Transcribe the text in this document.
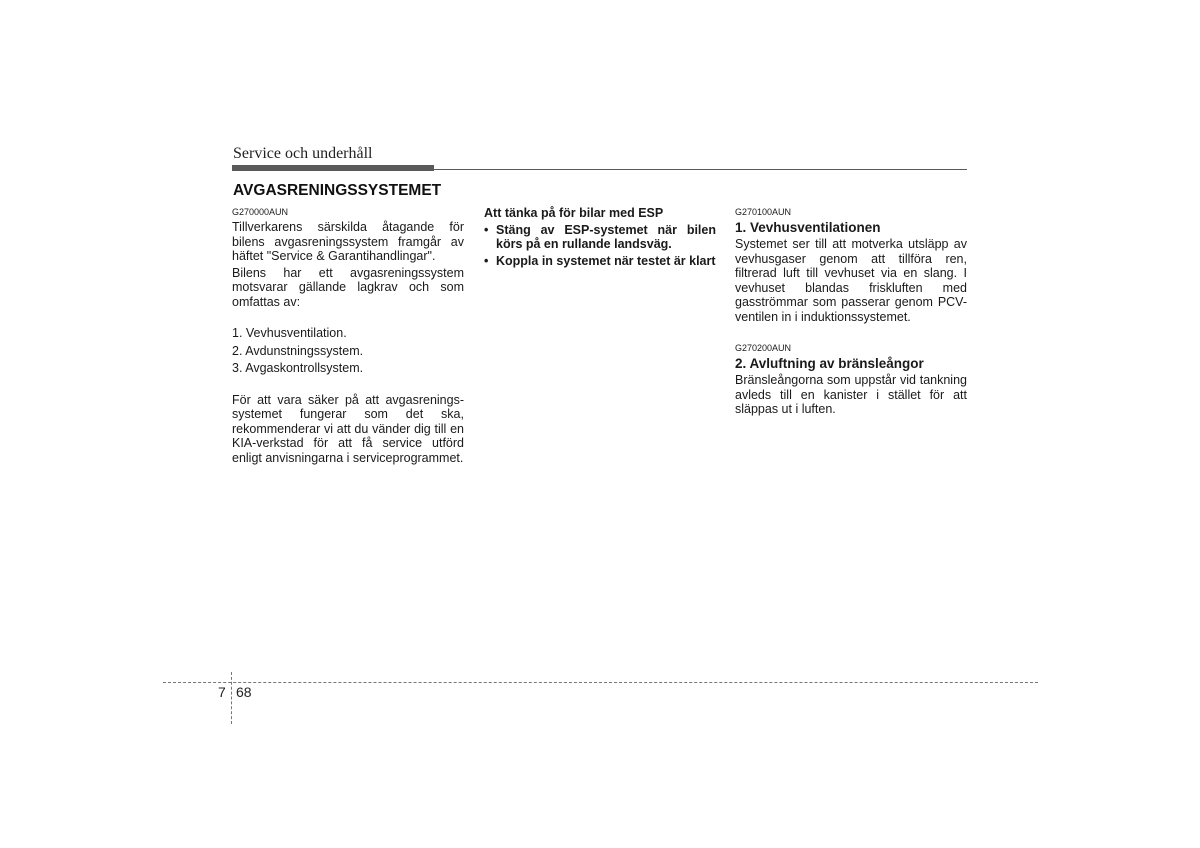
Service och underhåll
AVGASRENINGSSYSTEMET
G270000AUN

Tillverkarens särskilda åtagande för bilens avgasreningssystem framgår av häftet "Service & Garantihandlingar".

Bilens har ett avgasreningssystem motsvarar gällande lagkrav och som omfattas av:

1. Vevhusventilation.
2. Avdunstningssystem.
3. Avgaskontrollsystem.

För att vara säker på att avgasrenings-systemet fungerar som det ska, rekommenderar vi att du vänder dig till en KIA-verkstad för att få service utförd enligt anvisningarna i serviceprogrammet.

Att tänka på för bilar med ESP
• Stäng av ESP-systemet när bilen körs på en rullande landsväg.
• Koppla in systemet när testet är klart
G270100AUN
1. Vevhusventilationen

Systemet ser till att motverka utsläpp av vevhusgaser genom att tillföra ren, filtrerad luft till vevhuset via en slang. I vevhuset blandas friskluften med gasströmmar som passerar genom PCV-ventilen in i induktionssystemet.

G270200AUN
2. Avluftning av bränsleångor

Bränsleångorna som uppstår vid tankning avleds till en kanister i stället för att släppas ut i luften.

7 68
